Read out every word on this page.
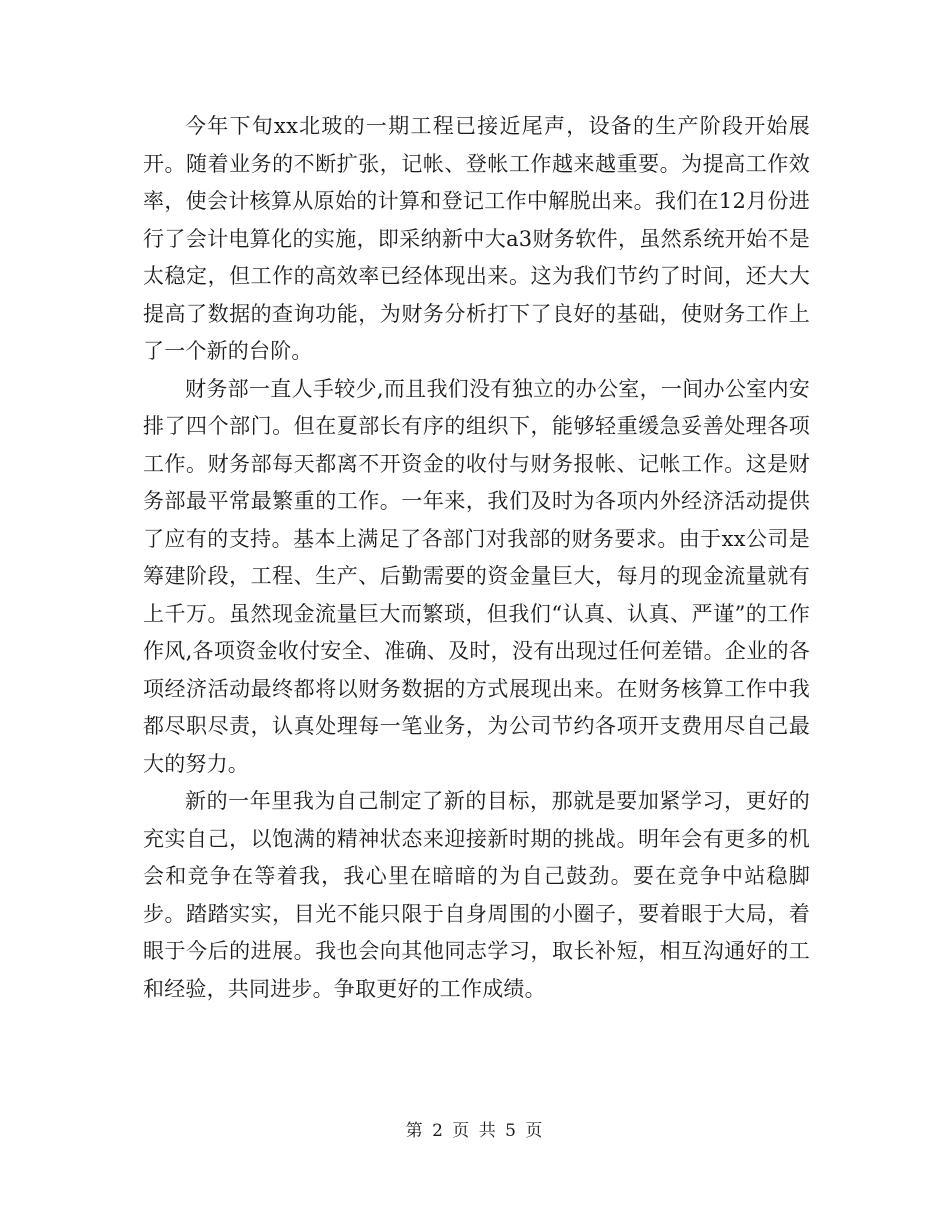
今年下旬xx北玻的一期工程已接近尾声，设备的生产阶段开始展开。随着业务的不断扩张，记帐、登帐工作越来越重要。为提高工作效率，使会计核算从原始的计算和登记工作中解脱出来。我们在12月份进行了会计电算化的实施，即采纳新中大a3财务软件，虽然系统开始不是太稳定，但工作的高效率已经体现出来。这为我们节约了时间，还大大提高了数据的查询功能，为财务分析打下了良好的基础，使财务工作上了一个新的台阶。

财务部一直人手较少,而且我们没有独立的办公室，一间办公室内安排了四个部门。但在夏部长有序的组织下，能够轻重缓急妥善处理各项工作。财务部每天都离不开资金的收付与财务报帐、记帐工作。这是财务部最平常最繁重的工作。一年来，我们及时为各项内外经济活动提供了应有的支持。基本上满足了各部门对我部的财务要求。由于xx公司是筹建阶段，工程、生产、后勤需要的资金量巨大，每月的现金流量就有上千万。虽然现金流量巨大而繁琐，但我们“认真、认真、严谨”的工作作风,各项资金收付安全、准确、及时，没有出现过任何差错。企业的各项经济活动最终都将以财务数据的方式展现出来。在财务核算工作中我都尽职尽责，认真处理每一笔业务，为公司节约各项开支费用尽自己最大的努力。

新的一年里我为自己制定了新的目标，那就是要加紧学习，更好的充实自己，以饱满的精神状态来迎接新时期的挑战。明年会有更多的机会和竞争在等着我，我心里在暗暗的为自己鼓劲。要在竞争中站稳脚步。踏踏实实，目光不能只限于自身周围的小圈子，要着眼于大局，着眼于今后的进展。我也会向其他同志学习，取长补短，相互沟通好的工和经验，共同进步。争取更好的工作成绩。

第 2 页 共 5 页
